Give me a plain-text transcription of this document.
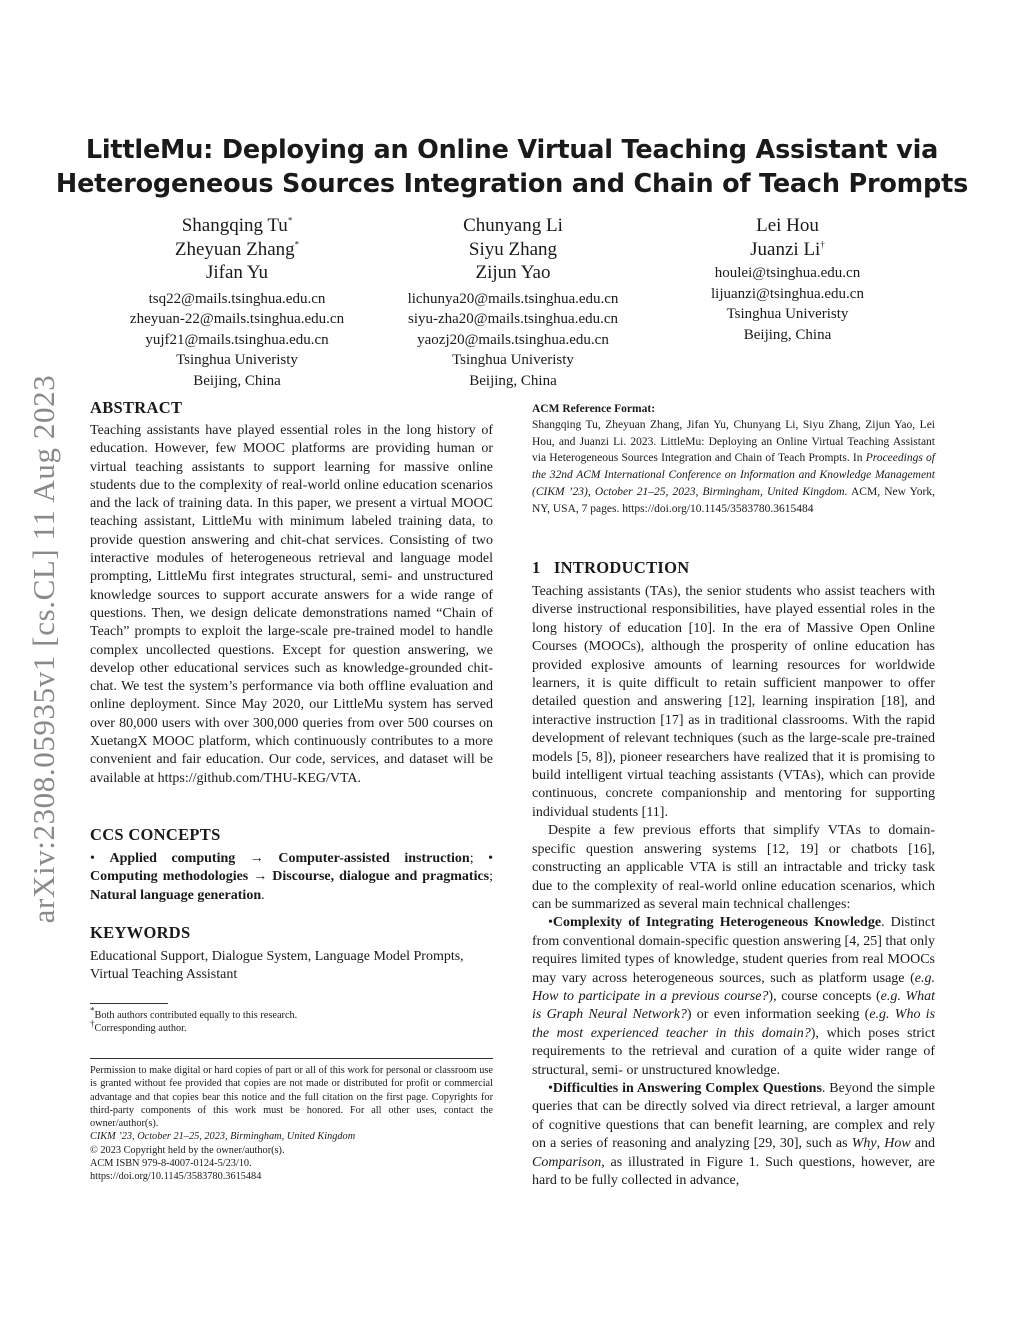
arXiv:2308.05935v1 [cs.CL] 11 Aug 2023
LittleMu: Deploying an Online Virtual Teaching Assistant via
Heterogeneous Sources Integration and Chain of Teach Prompts
Shangqing Tu*
Zheyuan Zhang*
Jifan Yu
tsq22@mails.tsinghua.edu.cn
zheyuan-22@mails.tsinghua.edu.cn
yujf21@mails.tsinghua.edu.cn
Tsinghua Univeristy
Beijing, China
Chunyang Li
Siyu Zhang
Zijun Yao
lichunya20@mails.tsinghua.edu.cn
siyu-zha20@mails.tsinghua.edu.cn
yaozj20@mails.tsinghua.edu.cn
Tsinghua Univeristy
Beijing, China
Lei Hou
Juanzi Li†
houlei@tsinghua.edu.cn
lijuanzi@tsinghua.edu.cn
Tsinghua Univeristy
Beijing, China
ABSTRACT

Teaching assistants have played essential roles in the long history of education. However, few MOOC platforms are providing human or virtual teaching assistants to support learning for massive online students due to the complexity of real-world online education scenarios and the lack of training data. In this paper, we present a virtual MOOC teaching assistant, LittleMu with minimum labeled training data, to provide question answering and chit-chat services. Consisting of two interactive modules of heterogeneous retrieval and language model prompting, LittleMu first integrates structural, semi- and unstructured knowledge sources to support accurate answers for a wide range of questions. Then, we design delicate demonstrations named “Chain of Teach” prompts to exploit the large-scale pre-trained model to handle complex uncollected questions. Except for question answering, we develop other educational services such as knowledge-grounded chit-chat. We test the system’s performance via both offline evaluation and online deployment. Since May 2020, our LittleMu system has served over 80,000 users with over 300,000 queries from over 500 courses on XuetangX MOOC platform, which continuously contributes to a more convenient and fair education. Our code, services, and dataset will be available at https://github.com/THU-KEG/VTA.

CCS CONCEPTS

• Applied computing → Computer-assisted instruction; • Computing methodologies → Discourse, dialogue and pragmatics; Natural language generation.

KEYWORDS

Educational Support, Dialogue System, Language Model Prompts, Virtual Teaching Assistant

*Both authors contributed equally to this research.
†Corresponding author.

Permission to make digital or hard copies of part or all of this work for personal or classroom use is granted without fee provided that copies are not made or distributed for profit or commercial advantage and that copies bear this notice and the full citation on the first page. Copyrights for third-party components of this work must be honored. For all other uses, contact the owner/author(s).

CIKM ’23, October 21–25, 2023, Birmingham, United Kingdom
© 2023 Copyright held by the owner/author(s).
ACM ISBN 979-8-4007-0124-5/23/10.
https://doi.org/10.1145/3583780.3615484
ACM Reference Format:

Shangqing Tu, Zheyuan Zhang, Jifan Yu, Chunyang Li, Siyu Zhang, Zijun Yao, Lei Hou, and Juanzi Li. 2023. LittleMu: Deploying an Online Virtual Teaching Assistant via Heterogeneous Sources Integration and Chain of Teach Prompts. In Proceedings of the 32nd ACM International Conference on Information and Knowledge Management (CIKM ’23), October 21–25, 2023, Birmingham, United Kingdom. ACM, New York, NY, USA, 7 pages. https://doi.org/10.1145/3583780.3615484

1 INTRODUCTION

Teaching assistants (TAs), the senior students who assist teachers with diverse instructional responsibilities, have played essential roles in the long history of education [10]. In the era of Massive Open Online Courses (MOOCs), although the prosperity of online education has provided explosive amounts of learning resources for worldwide learners, it is quite difficult to retain sufficient manpower to offer detailed question and answering [12], learning inspiration [18], and interactive instruction [17] as in traditional classrooms. With the rapid development of relevant techniques (such as the large-scale pre-trained models [5, 8]), pioneer researchers have realized that it is promising to build intelligent virtual teaching assistants (VTAs), which can provide continuous, concrete companionship and mentoring for supporting individual students [11].

Despite a few previous efforts that simplify VTAs to domain-specific question answering systems [12, 19] or chatbots [16], constructing an applicable VTA is still an intractable and tricky task due to the complexity of real-world online education scenarios, which can be summarized as several main technical challenges:

•Complexity of Integrating Heterogeneous Knowledge. Distinct from conventional domain-specific question answering [4, 25] that only requires limited types of knowledge, student queries from real MOOCs may vary across heterogeneous sources, such as platform usage (e.g. How to participate in a previous course?), course concepts (e.g. What is Graph Neural Network?) or even information seeking (e.g. Who is the most experienced teacher in this domain?), which poses strict requirements to the retrieval and curation of a quite wider range of structural, semi- or unstructured knowledge.

•Difficulties in Answering Complex Questions. Beyond the simple queries that can be directly solved via direct retrieval, a larger amount of cognitive questions that can benefit learning, are complex and rely on a series of reasoning and analyzing [29, 30], such as Why, How and Comparison, as illustrated in Figure 1. Such questions, however, are hard to be fully collected in advance,
